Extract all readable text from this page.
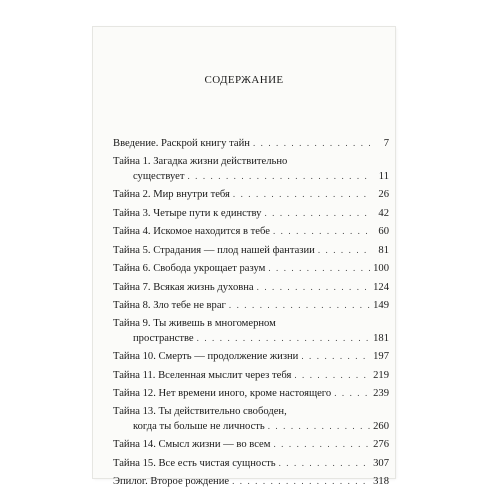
СОДЕРЖАНИЕ
Введение. Раскрой книгу тайн . . .	7
Тайна 1. Загадка жизни действительно
существует . . .	11
Тайна 2. Мир внутри тебя . . .	26
Тайна 3. Четыре пути к единству . . .	42
Тайна 4. Искомое находится в тебе . . .	60
Тайна 5. Страдания — плод нашей фантазии . . .	81
Тайна 6. Свобода укрощает разум . . .	100
Тайна 7. Всякая жизнь духовна . . .	124
Тайна 8. Зло тебе не враг . . .	149
Тайна 9. Ты живешь в многомерном
пространстве . . .	181
Тайна 10. Смерть — продолжение жизни . . .	197
Тайна 11. Вселенная мыслит через тебя . . .	219
Тайна 12. Нет времени иного, кроме настоящего . . .	239
Тайна 13. Ты действительно свободен,
когда ты больше не личность . . .	260
Тайна 14. Смысл жизни — во всем . . .	276
Тайна 15. Все есть чистая сущность . . .	307
Эпилог. Второе рождение . . .	318
